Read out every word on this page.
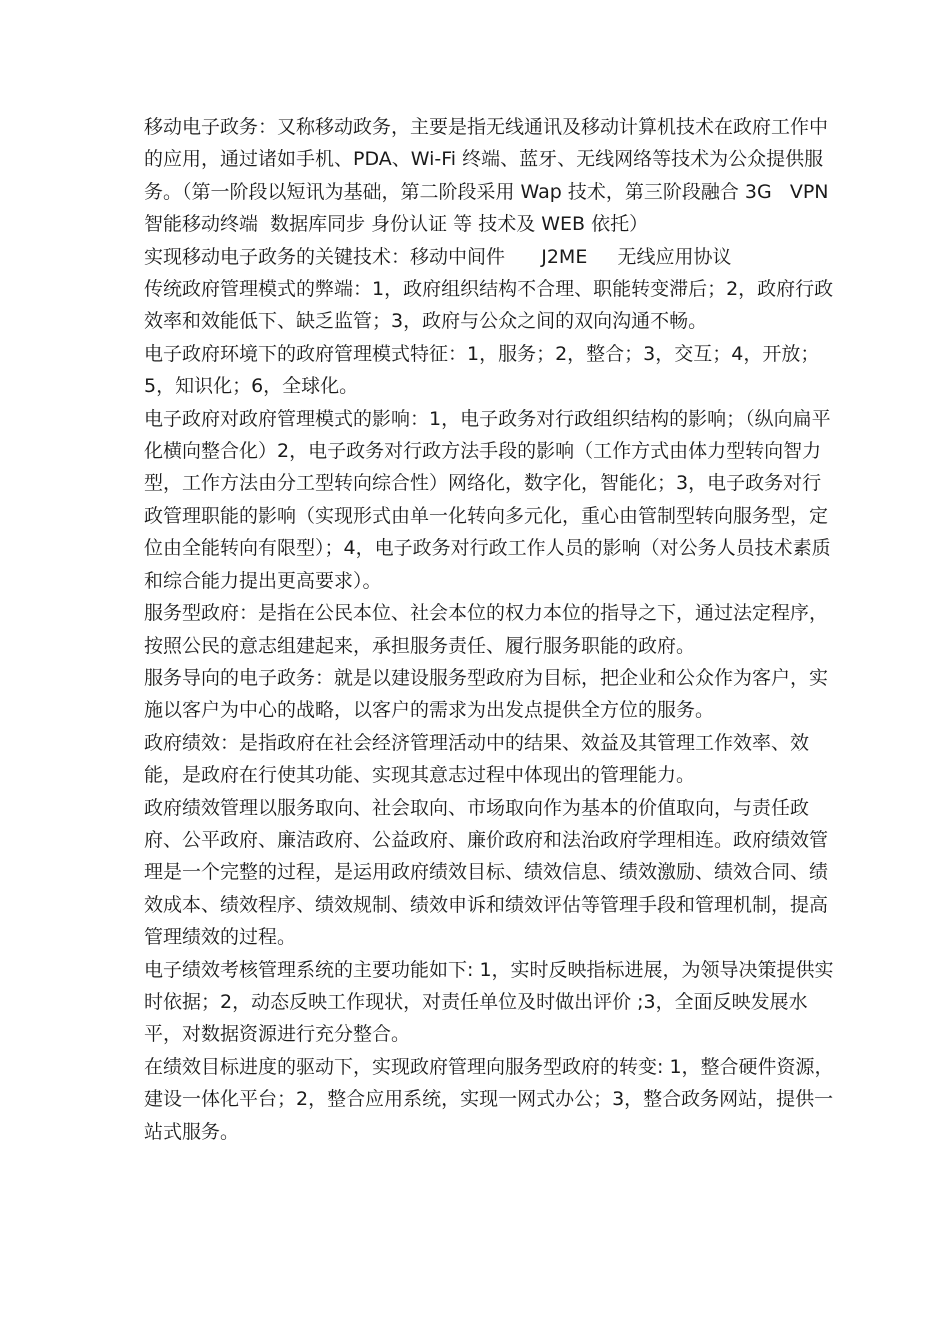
移动电子政务：又称移动政务，主要是指无线通讯及移动计算机技术在政府工作中的应用，通过诸如手机、PDA、Wi-Fi 终端、蓝牙、无线网络等技术为公众提供服务。（第一阶段以短讯为基础，第二阶段采用 Wap 技术，第三阶段融合 3G   VPN   智能移动终端  数据库同步 身份认证 等 技术及 WEB 依托）

实现移动电子政务的关键技术：移动中间件      J2ME     无线应用协议

传统政府管理模式的弊端：1，政府组织结构不合理、职能转变滞后；2，政府行政效率和效能低下、缺乏监管；3，政府与公众之间的双向沟通不畅。

电子政府环境下的政府管理模式特征：1，服务；2，整合；3，交互；4，开放；5，知识化；6，全球化。

电子政府对政府管理模式的影响：1，电子政务对行政组织结构的影响；（纵向扁平化横向整合化）2，电子政务对行政方法手段的影响（工作方式由体力型转向智力型，工作方法由分工型转向综合性）网络化，数字化，智能化；3，电子政务对行政管理职能的影响（实现形式由单一化转向多元化，重心由管制型转向服务型，定位由全能转向有限型）；4，电子政务对行政工作人员的影响（对公务人员技术素质和综合能力提出更高要求）。

服务型政府：是指在公民本位、社会本位的权力本位的指导之下，通过法定程序，按照公民的意志组建起来，承担服务责任、履行服务职能的政府。

服务导向的电子政务：就是以建设服务型政府为目标，把企业和公众作为客户，实施以客户为中心的战略，以客户的需求为出发点提供全方位的服务。

政府绩效：是指政府在社会经济管理活动中的结果、效益及其管理工作效率、效能，是政府在行使其功能、实现其意志过程中体现出的管理能力。

政府绩效管理以服务取向、社会取向、市场取向作为基本的价值取向，与责任政府、公平政府、廉洁政府、公益政府、廉价政府和法治政府学理相连。政府绩效管理是一个完整的过程，是运用政府绩效目标、绩效信息、绩效激励、绩效合同、绩效成本、绩效程序、绩效规制、绩效申诉和绩效评估等管理手段和管理机制，提高管理绩效的过程。

电子绩效考核管理系统的主要功能如下: 1，实时反映指标进展，为领导决策提供实时依据；2，动态反映工作现状，对责任单位及时做出评价 ;3，全面反映发展水平，对数据资源进行充分整合。

在绩效目标进度的驱动下，实现政府管理向服务型政府的转变: 1，整合硬件资源，建设一体化平台；2，整合应用系统，实现一网式办公；3，整合政务网站，提供一站式服务。
